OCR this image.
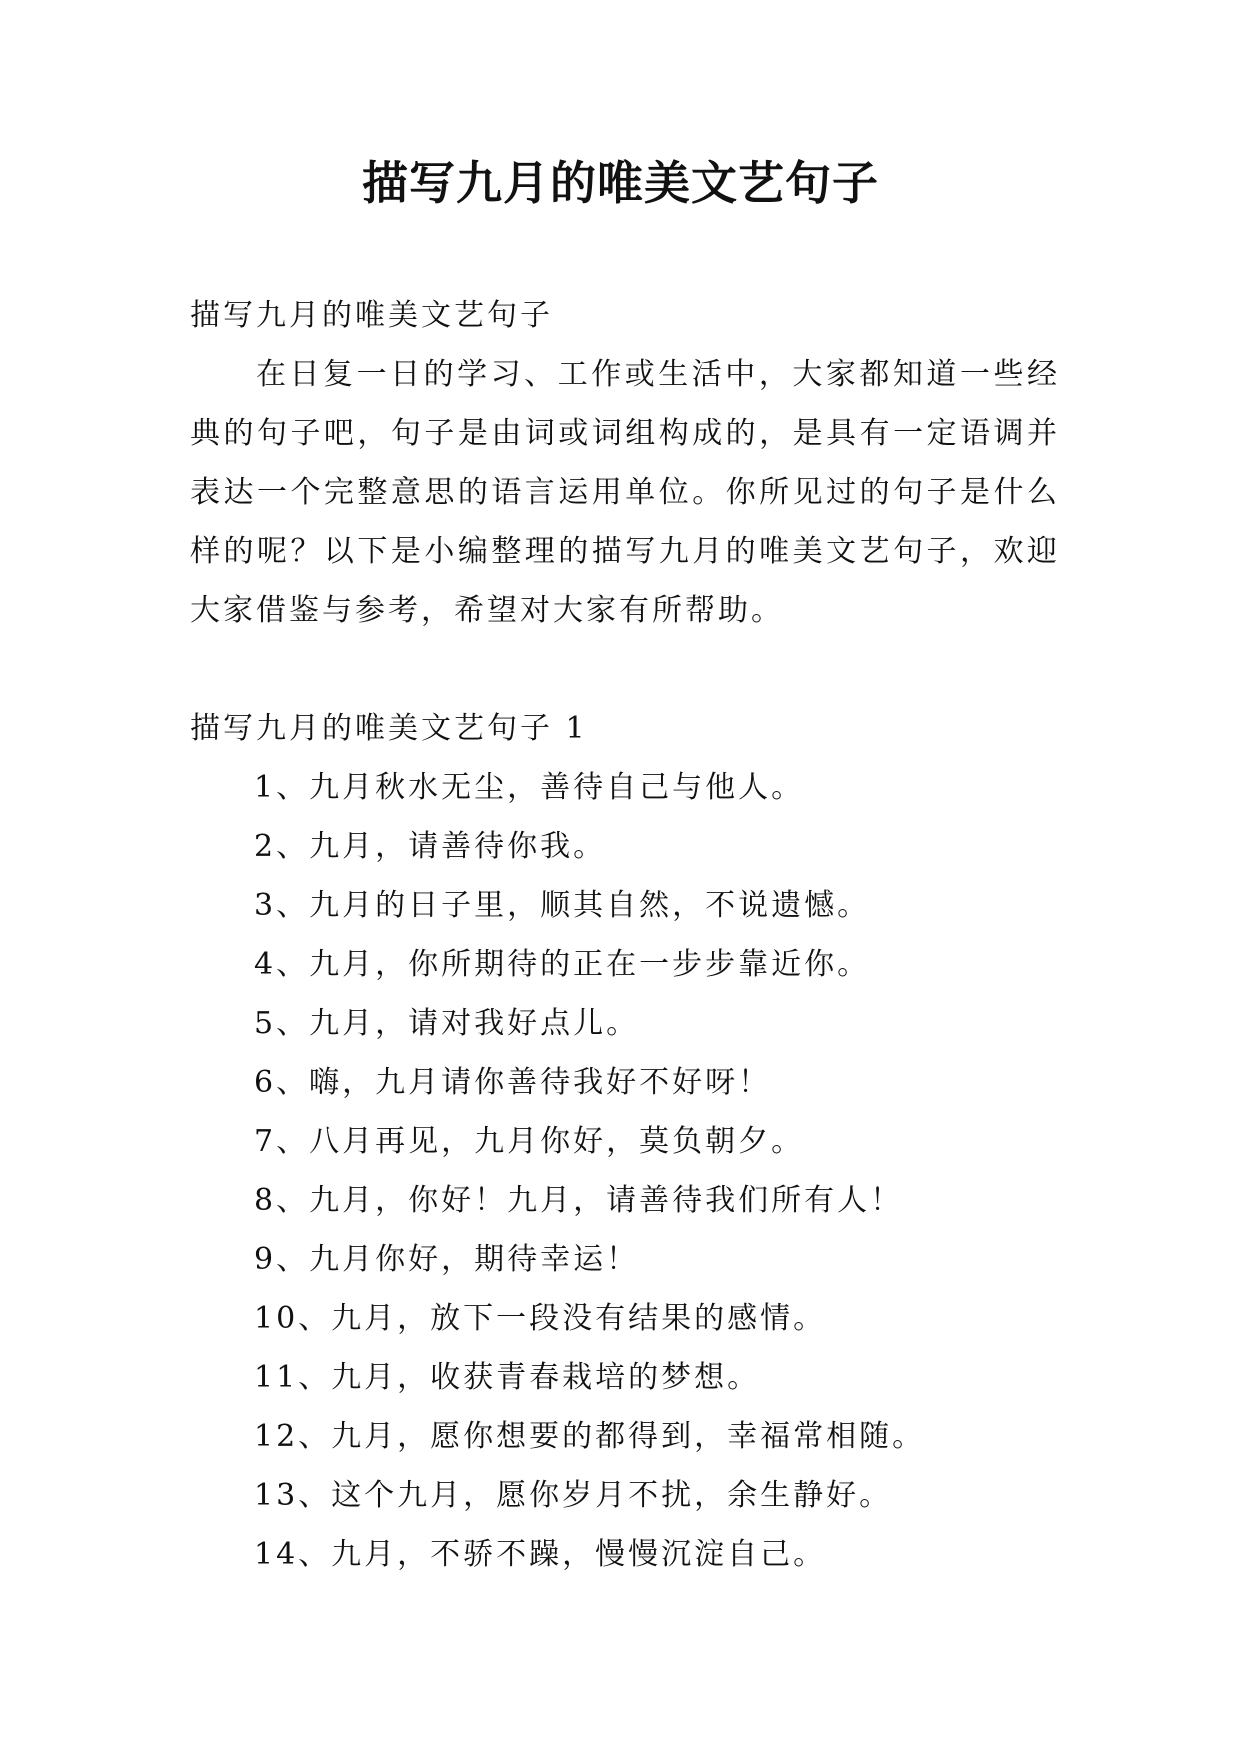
描写九月的唯美文艺句子
描写九月的唯美文艺句子

在日复一日的学习、工作或生活中，大家都知道一些经典的句子吧，句子是由词或词组构成的，是具有一定语调并表达一个完整意思的语言运用单位。你所见过的句子是什么样的呢？以下是小编整理的描写九月的唯美文艺句子，欢迎大家借鉴与参考，希望对大家有所帮助。

描写九月的唯美文艺句子 1
1、九月秋水无尘，善待自己与他人。
2、九月，请善待你我。
3、九月的日子里，顺其自然，不说遗憾。
4、九月，你所期待的正在一步步靠近你。
5、九月，请对我好点儿。
6、嗨，九月请你善待我好不好呀！
7、八月再见，九月你好，莫负朝夕。
8、九月，你好！九月，请善待我们所有人！
9、九月你好，期待幸运！
10、九月，放下一段没有结果的感情。
11、九月，收获青春栽培的梦想。
12、九月，愿你想要的都得到，幸福常相随。
13、这个九月，愿你岁月不扰，余生静好。
14、九月，不骄不躁，慢慢沉淀自己。
